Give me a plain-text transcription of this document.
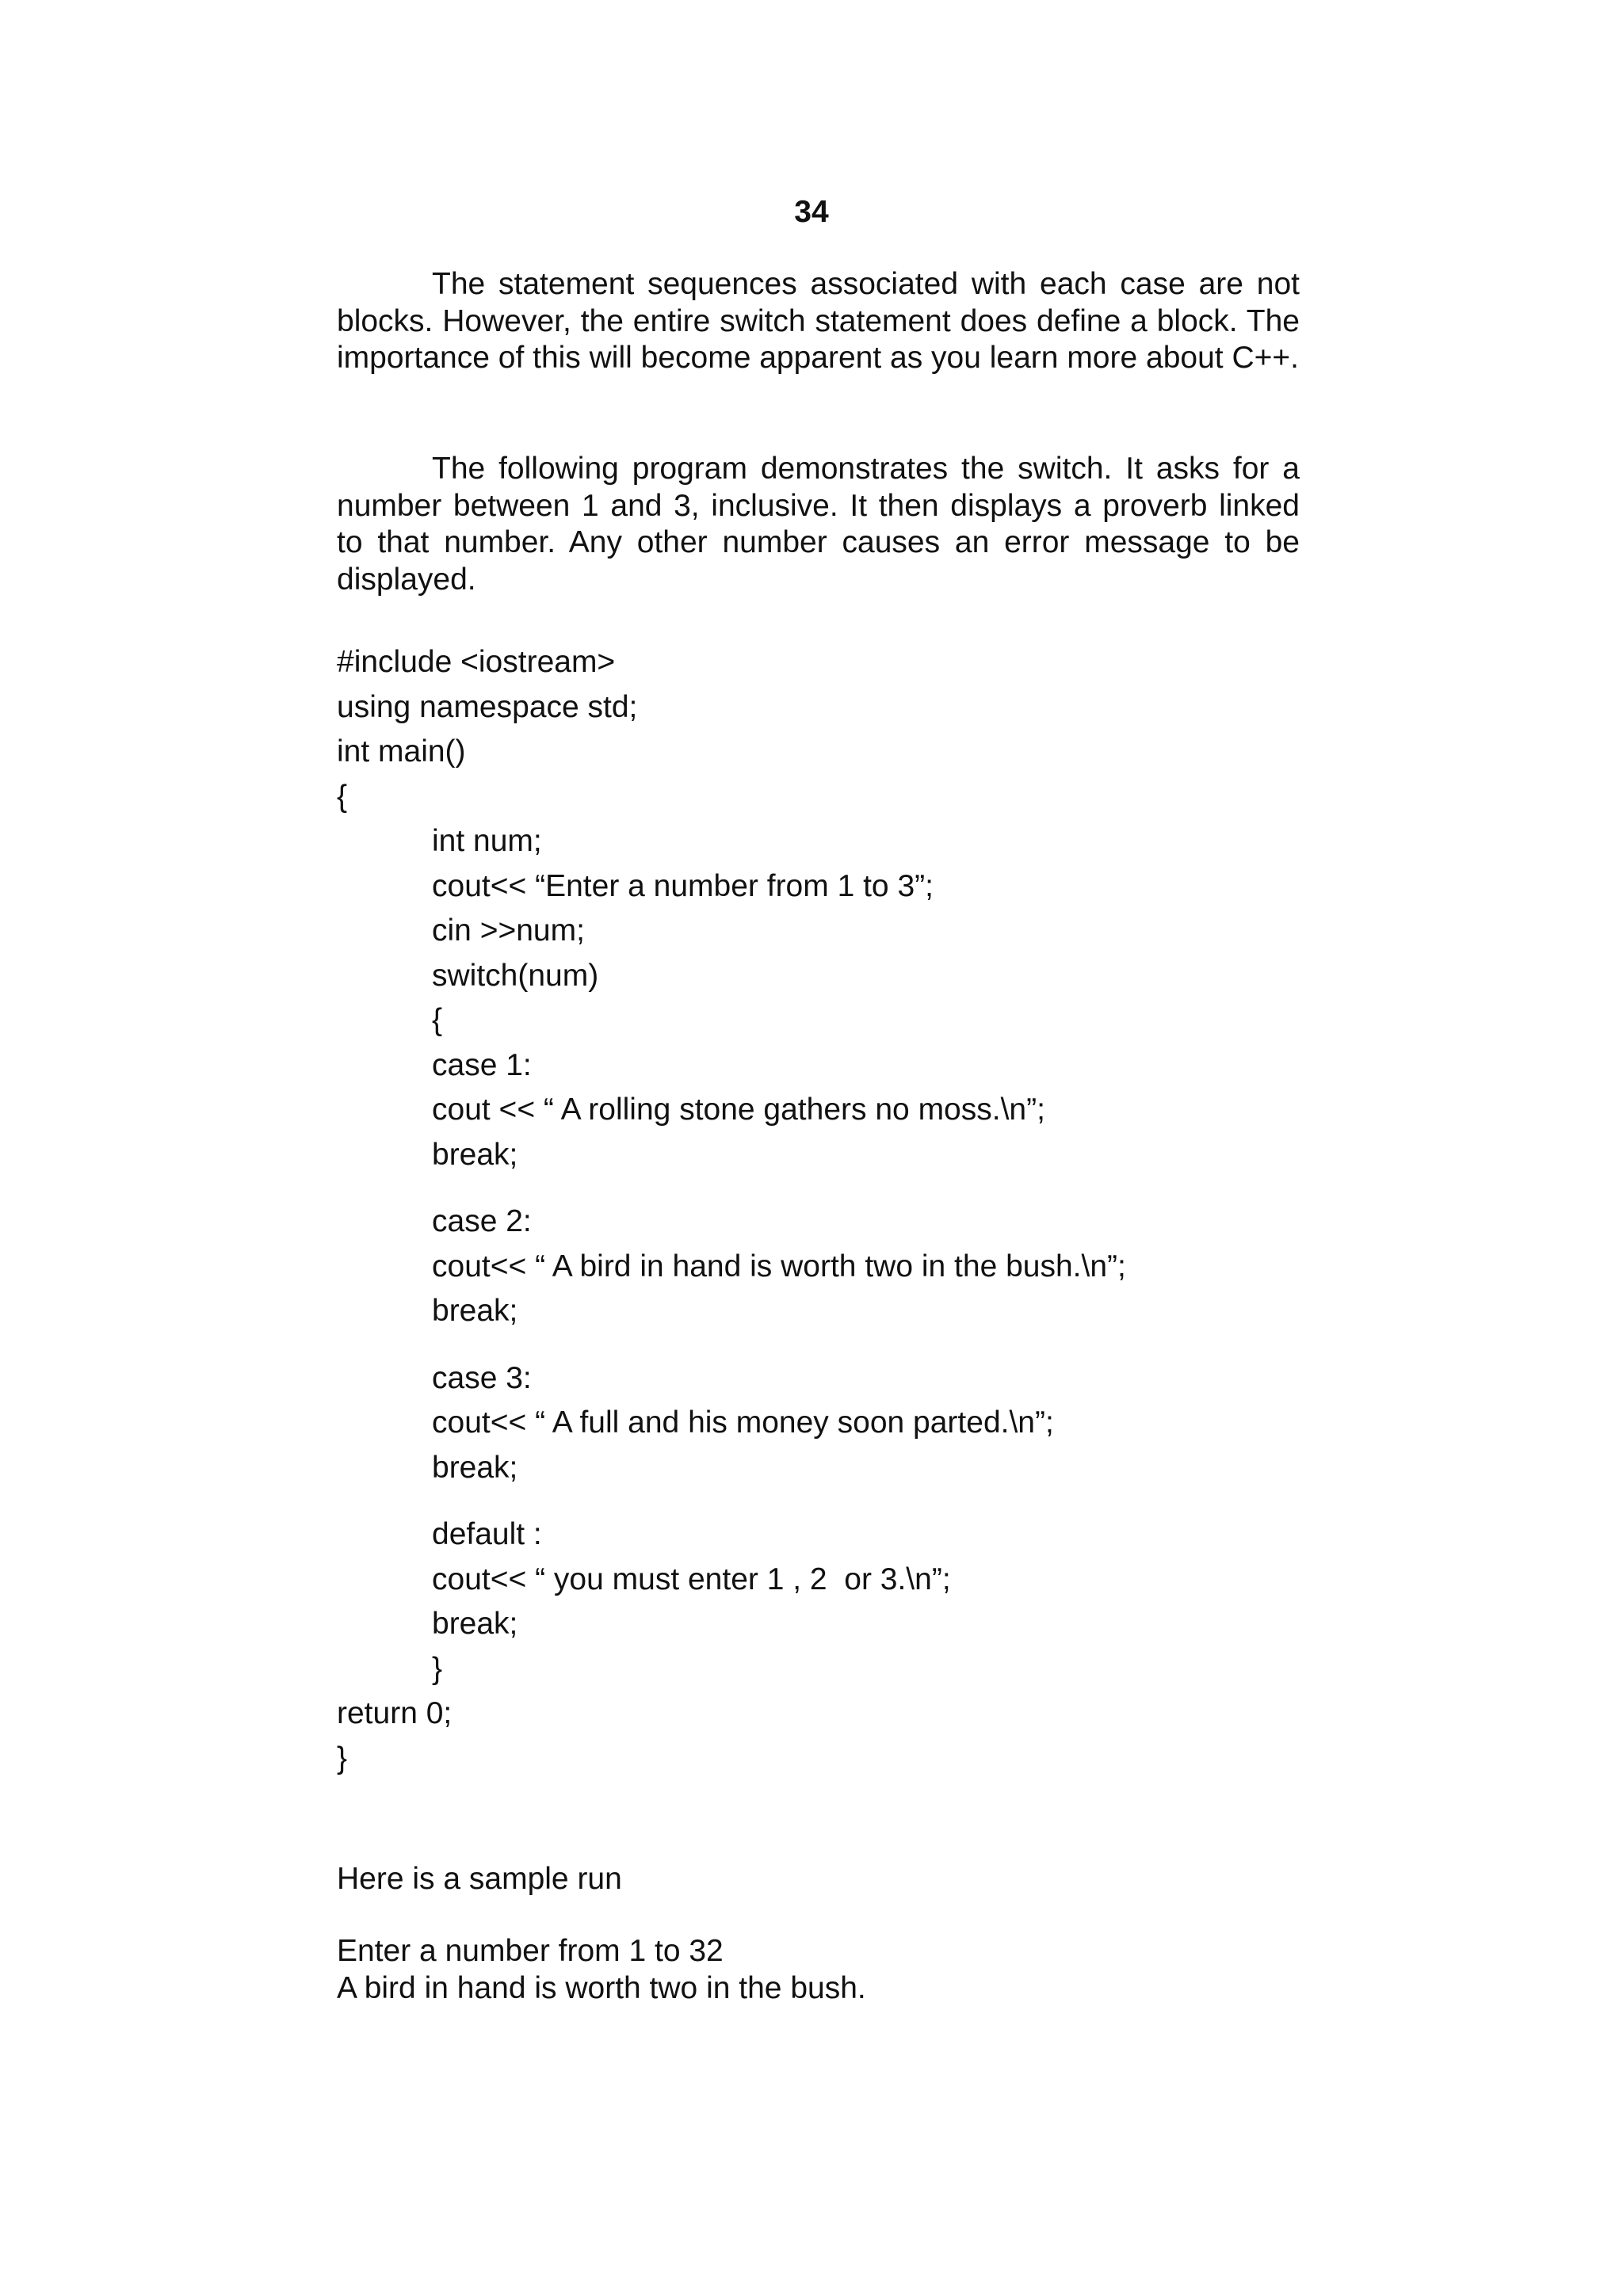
34

The statement sequences associated with each case are not blocks. However, the entire switch statement does define a block. The importance of this will become apparent as you learn more about C++.

The following program demonstrates the switch. It asks for a number between 1 and 3, inclusive. It then displays a proverb linked to that number. Any other number causes an error message to be displayed.

#include <iostream>
using namespace std;
int main()
{
int num;
cout<< “Enter a number from 1 to 3”;
cin >>num;
switch(num)
{
case 1:
cout << “ A rolling stone gathers no moss.\n”;
break;
case 2:
cout<< “ A bird in hand is worth two in the bush.\n”;
break;
case 3:
cout<< “ A full and his money soon parted.\n”;
break;
default :
cout<< “ you must enter 1 , 2  or 3.\n”;
break;
}
return 0;
}

Here is a sample run

Enter a number from 1 to 32
A bird in hand is worth two in the bush.
